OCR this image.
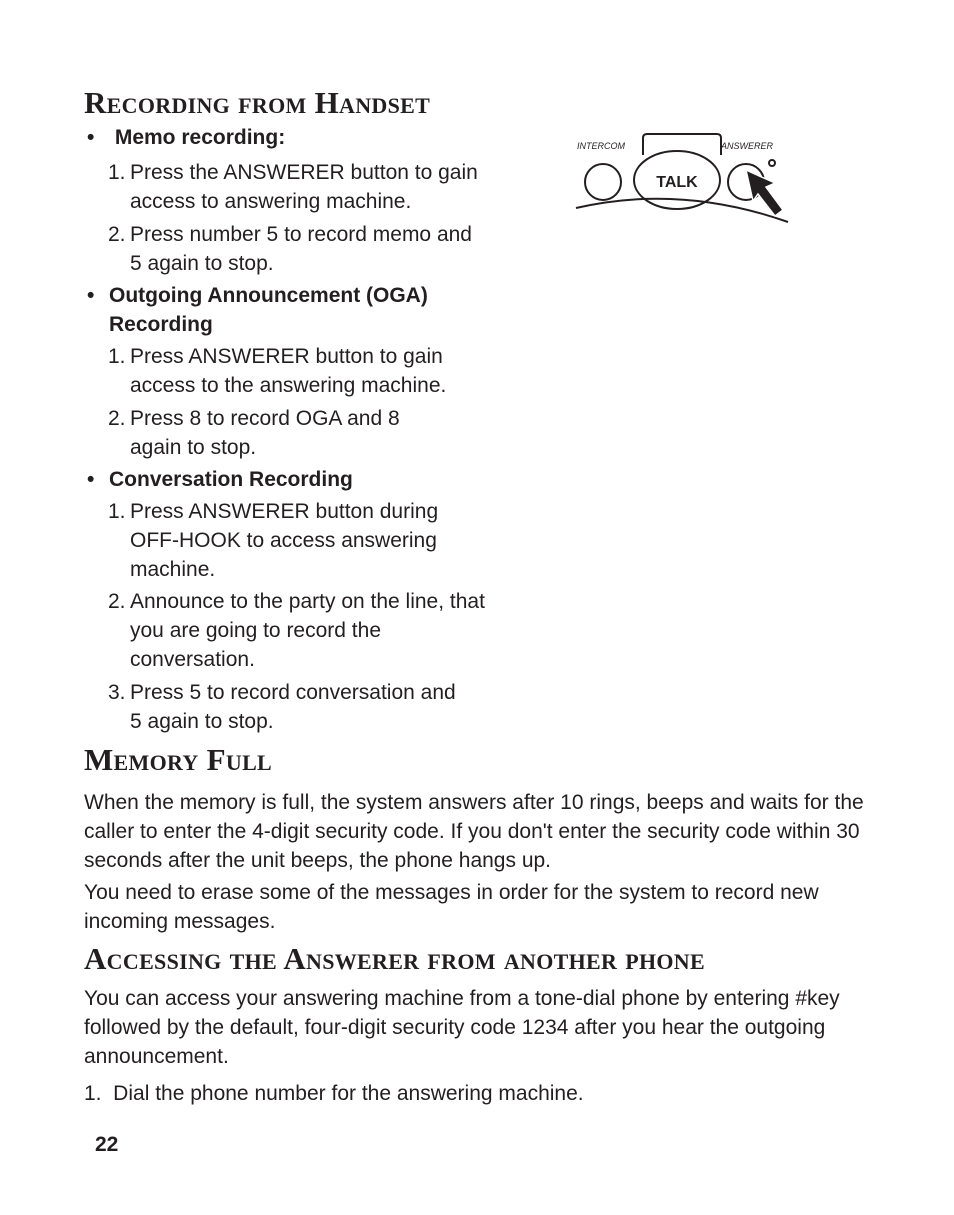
Recording from Handset
• Memo recording:
1. Press the ANSWERER button to gain access to answering machine.
2. Press number 5 to record memo and 5 again to stop.
• Outgoing Announcement (OGA) Recording
1. Press ANSWERER button to gain access to the answering machine.
2. Press 8 to record OGA and 8 again to stop.
• Conversation Recording
1. Press ANSWERER button during OFF-HOOK to access answering machine.
2. Announce to the party on the line, that you are going to record the conversation.
3. Press 5 to record conversation and 5 again to stop.
INTERCOM	ANSWERER
TALK
Memory Full

When the memory is full, the system answers after 10 rings, beeps and waits for the caller to enter the 4-digit security code. If you don't enter the security code within 30 seconds after the unit beeps, the phone hangs up.

You need to erase some of the messages in order for the system to record new incoming messages.

Accessing the Answerer from another phone

You can access your answering machine from a tone-dial phone by entering #key followed by the default, four-digit security code 1234 after you hear the outgoing announcement.

1.  Dial the phone number for the answering machine.

22
